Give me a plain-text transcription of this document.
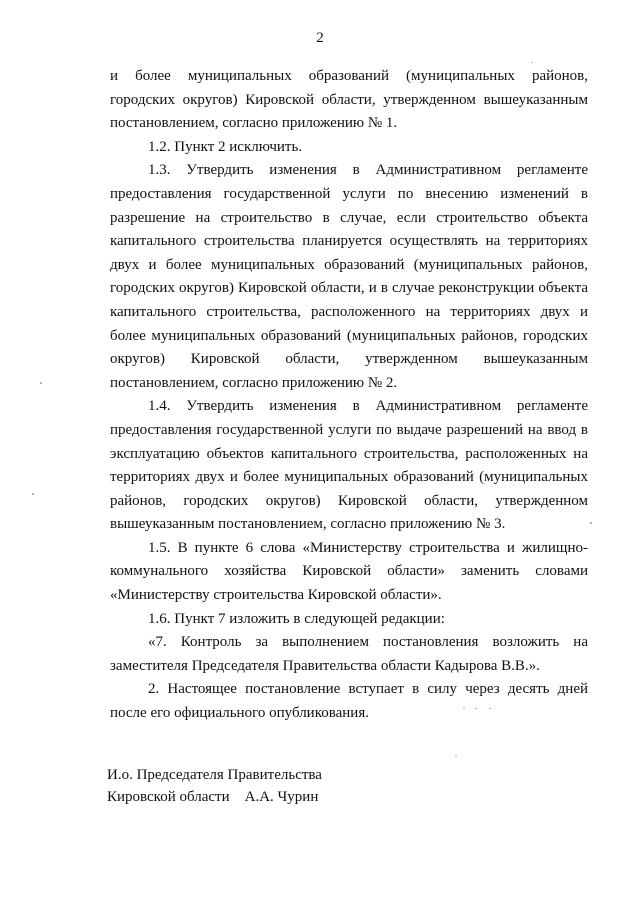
2

и более муниципальных образований (муниципальных районов, городских округов) Кировской области, утвержденном вышеуказанным постановлением, согласно приложению № 1.

1.2. Пункт 2 исключить.

1.3. Утвердить изменения в Административном регламенте предоставления государственной услуги по внесению изменений в разрешение на строительство в случае, если строительство объекта капитального строительства планируется осуществлять на территориях двух и более муниципальных образований (муниципальных районов, городских округов) Кировской области, и в случае реконструкции объекта капитального строительства, расположенного на территориях двух и более муниципальных образований (муниципальных районов, городских округов) Кировской области, утвержденном вышеуказанным постановлением, согласно приложению № 2.

1.4. Утвердить изменения в Административном регламенте предоставления государственной услуги по выдаче разрешений на ввод в эксплуатацию объектов капитального строительства, расположенных на территориях двух и более муниципальных образований (муниципальных районов, городских округов) Кировской области, утвержденном вышеуказанным постановлением, согласно приложению № 3.

1.5. В пункте 6 слова «Министерству строительства и жилищно-коммунального хозяйства Кировской области» заменить словами «Министерству строительства Кировской области».

1.6. Пункт 7 изложить в следующей редакции:

«7. Контроль за выполнением постановления возложить на заместителя Председателя Правительства области Кадырова В.В.».

2. Настоящее постановление вступает в силу через десять дней после его официального опубликования.

И.о. Председателя Правительства
Кировской области    А.А. Чурин
